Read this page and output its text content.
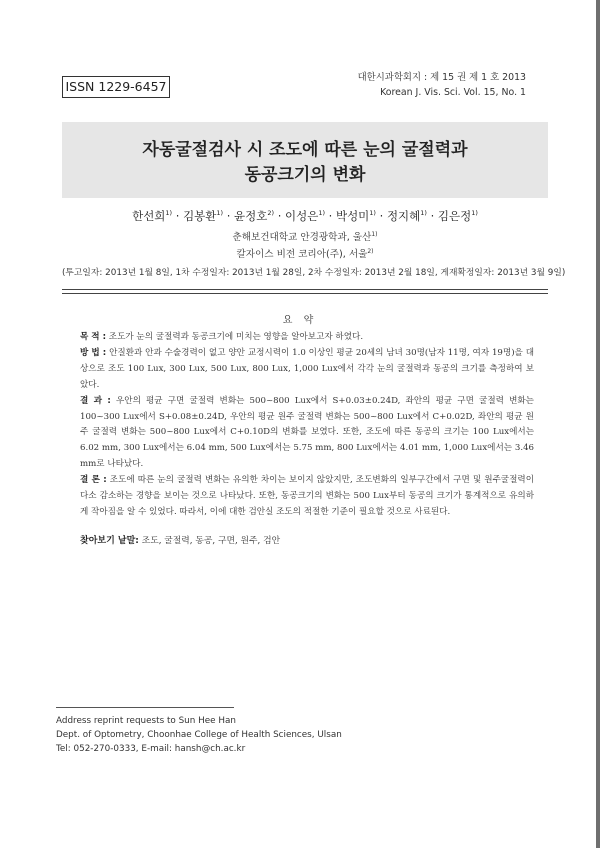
ISSN 1229-6457
대한시과학회지 : 제 15 권 제 1 호 2013
Korean J. Vis. Sci. Vol. 15, No. 1
자동굴절검사 시 조도에 따른 눈의 굴절력과
동공크기의 변화
한선희$^{1)}$ · 김봉환$^{1)}$ · 윤정호$^{2)}$ · 이성은$^{1)}$ · 박성미$^{1)}$ · 정지혜$^{1)}$ · 김은정$^{1)}$
춘해보건대학교 안경광학과, 울산$^{1)}$
칼자이스 비전 코리아(주), 서울$^{2)}$
(투고일자: 2013년 1월 8일, 1차 수정일자: 2013년 1월 28일, 2차 수정일자: 2013년 2월 18일, 게재확정일자: 2013년 3월 9일)
요 약

목 적 : 조도가 눈의 굴절력과 동공크기에 미치는 영향을 알아보고자 하였다.

방 법 : 안질환과 안과 수술경력이 없고 양안 교정시력이 1.0 이상인 평균 20세의 남녀 30명(남자 11명, 여자 19명)을 대상으로 조도 100 Lux, 300 Lux, 500 Lux, 800 Lux, 1,000 Lux에서 각각 눈의 굴절력과 동공의 크기를 측정하여 보았다.

결 과 : 우안의 평균 구면 굴절력 변화는 500~800 Lux에서 S+0.03±0.24D, 좌안의 평균 구면 굴절력 변화는 100~300 Lux에서 S+0.08±0.24D, 우안의 평균 원주 굴절력 변화는 500~800 Lux에서 C+0.02D, 좌안의 평균 원주 굴절력 변화는 500~800 Lux에서 C+0.10D의 변화를 보였다. 또한, 조도에 따른 동공의 크기는 100 Lux에서는 6.02 mm, 300 Lux에서는 6.04 mm, 500 Lux에서는 5.75 mm, 800 Lux에서는 4.01 mm, 1,000 Lux에서는 3.46 mm로 나타났다.

결 론 : 조도에 따른 눈의 굴절력 변화는 유의한 차이는 보이지 않았지만, 조도변화의 일부구간에서 구면 및 원주굴절력이 다소 감소하는 경향을 보이는 것으로 나타났다. 또한, 동공크기의 변화는 500 Lux부터 동공의 크기가 통계적으로 유의하게 작아짐을 알 수 있었다. 따라서, 이에 대한 검안실 조도의 적절한 기준이 필요할 것으로 사료된다.

찾아보기 낱말: 조도, 굴절력, 동공, 구면, 원주, 검안
Address reprint requests to Sun Hee Han
Dept. of Optometry, Choonhae College of Health Sciences, Ulsan
Tel: 052-270-0333, E-mail: hansh@ch.ac.kr
